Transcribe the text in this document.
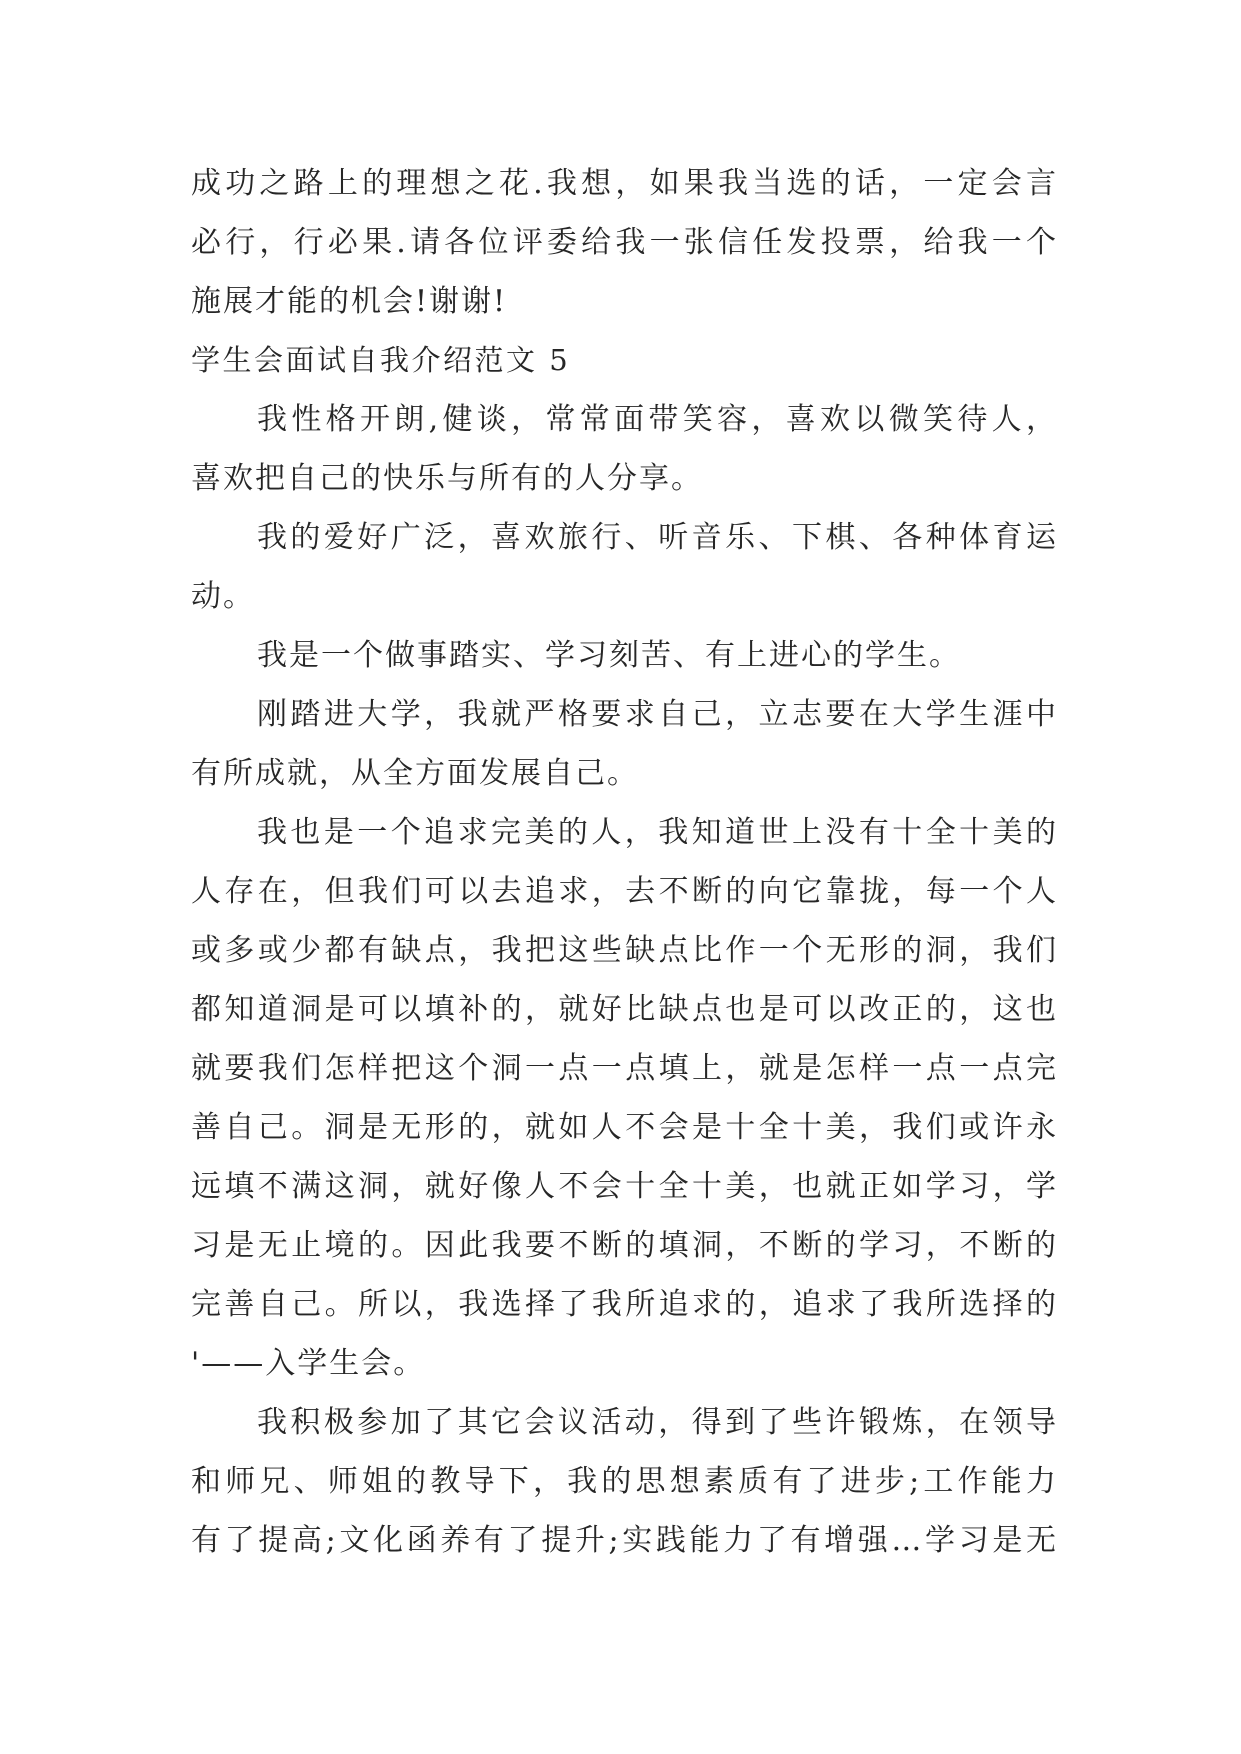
成功之路上的理想之花.我想，如果我当选的话，一定会言
必行，行必果.请各位评委给我一张信任发投票，给我一个
施展才能的机会!谢谢!
学生会面试自我介绍范文 5
我性格开朗,健谈，常常面带笑容，喜欢以微笑待人，
喜欢把自己的快乐与所有的人分享。
我的爱好广泛，喜欢旅行、听音乐、下棋、各种体育运
动。
我是一个做事踏实、学习刻苦、有上进心的学生。
刚踏进大学，我就严格要求自己，立志要在大学生涯中
有所成就，从全方面发展自己。
我也是一个追求完美的人，我知道世上没有十全十美的
人存在，但我们可以去追求，去不断的向它靠拢，每一个人
或多或少都有缺点，我把这些缺点比作一个无形的洞，我们
都知道洞是可以填补的，就好比缺点也是可以改正的，这也
就要我们怎样把这个洞一点一点填上，就是怎样一点一点完
善自己。洞是无形的，就如人不会是十全十美，我们或许永
远填不满这洞，就好像人不会十全十美，也就正如学习，学
习是无止境的。因此我要不断的填洞，不断的学习，不断的
完善自己。所以，我选择了我所追求的，追求了我所选择的
'——入学生会。
我积极参加了其它会议活动，得到了些许锻炼，在领导
和师兄、师姐的教导下，我的思想素质有了进步;工作能力
有了提高;文化函养有了提升;实践能力了有增强…学习是无
